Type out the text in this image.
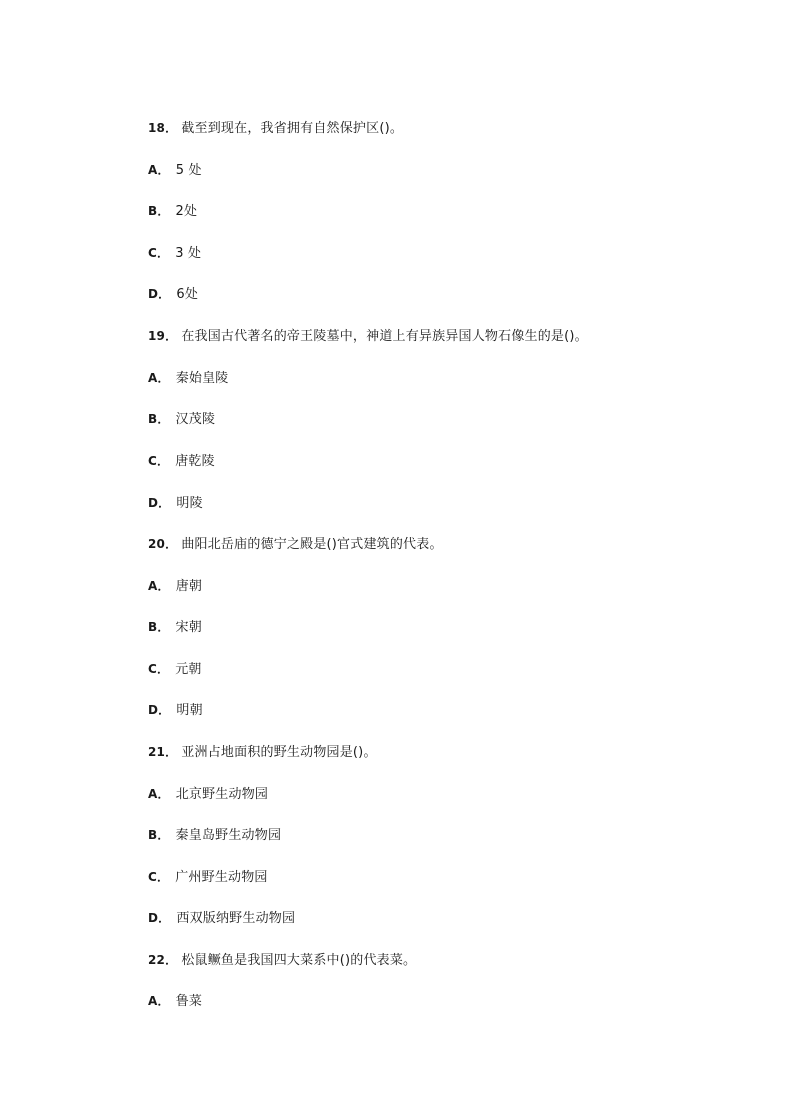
18． 截至到现在，我省拥有自然保护区()。
A． 5 处
B． 2处
C． 3 处
D． 6处
19． 在我国古代著名的帝王陵墓中，神道上有异族异国人物石像生的是()。
A． 秦始皇陵
B． 汉茂陵
C． 唐乾陵
D． 明陵
20． 曲阳北岳庙的德宁之殿是()官式建筑的代表。
A． 唐朝
B． 宋朝
C． 元朝
D． 明朝
21． 亚洲占地面积的野生动物园是()。
A． 北京野生动物园
B． 秦皇岛野生动物园
C． 广州野生动物园
D． 西双版纳野生动物园
22． 松鼠鳜鱼是我国四大菜系中()的代表菜。
A． 鲁菜
